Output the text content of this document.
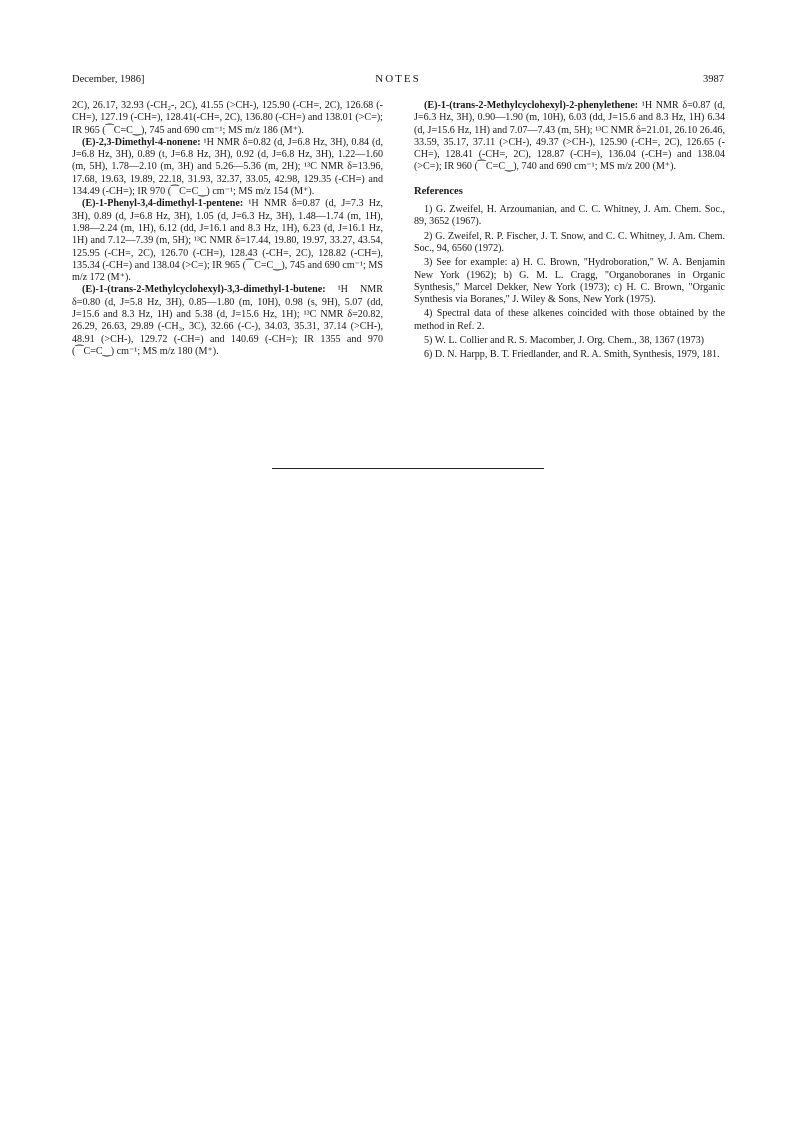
December, 1986]	NOTES	3987

2C), 26.17, 32.93 (-CH₂-, 2C), 41.55 (>CH-), 125.90 (-CH=, 2C), 126.68 (-CH=), 127.19 (-CH=), 128.41(-CH=, 2C), 136.80 (-CH=) and 138.01 (>C=); IR 965 (⁀C=C‿), 745 and 690 cm⁻¹; MS m/z 186 (M⁺).

(E)-2,3-Dimethyl-4-nonene: ¹H NMR δ=0.82 (d, J=6.8 Hz, 3H), 0.84 (d, J=6.8 Hz, 3H), 0.89 (t, J=6.8 Hz, 3H), 0.92 (d, J=6.8 Hz, 3H), 1.22—1.60 (m, 5H), 1.78—2.10 (m, 3H) and 5.26—5.36 (m, 2H); ¹³C NMR δ=13.96, 17.68, 19.63, 19.89, 22.18, 31.93, 32.37, 33.05, 42.98, 129.35 (-CH=) and 134.49 (-CH=); IR 970 (⁀C=C‿) cm⁻¹; MS m/z 154 (M⁺).

(E)-1-Phenyl-3,4-dimethyl-1-pentene: ¹H NMR δ=0.87 (d, J=7.3 Hz, 3H), 0.89 (d, J=6.8 Hz, 3H), 1.05 (d, J=6.3 Hz, 3H), 1.48—1.74 (m, 1H), 1.98—2.24 (m, 1H), 6.12 (dd, J=16.1 and 8.3 Hz, 1H), 6.23 (d, J=16.1 Hz, 1H) and 7.12—7.39 (m, 5H); ¹³C NMR δ=17.44, 19.80, 19.97, 33.27, 43.54, 125.95 (-CH=, 2C), 126.70 (-CH=), 128.43 (-CH=, 2C), 128.82 (-CH=), 135.34 (-CH=) and 138.04 (>C=); IR 965 (⁀C=C‿), 745 and 690 cm⁻¹; MS m/z 172 (M⁺).

(E)-1-(trans-2-Methylcyclohexyl)-3,3-dimethyl-1-butene: ¹H NMR δ=0.80 (d, J=5.8 Hz, 3H), 0.85—1.80 (m, 10H), 0.98 (s, 9H), 5.07 (dd, J=15.6 and 8.3 Hz, 1H) and 5.38 (d, J=15.6 Hz, 1H); ¹³C NMR δ=20.82, 26.29, 26.63, 29.89 (-CH₃, 3C), 32.66 (-C-), 34.03, 35.31, 37.14 (>CH-), 48.91 (>CH-), 129.72 (-CH=) and 140.69 (-CH=); IR 1355 and 970 (⁀C=C‿) cm⁻¹; MS m/z 180 (M⁺).

(E)-1-(trans-2-Methylcyclohexyl)-2-phenylethene: ¹H NMR δ=0.87 (d, J=6.3 Hz, 3H), 0.90—1.90 (m, 10H), 6.03 (dd, J=15.6 and 8.3 Hz, 1H) 6.34 (d, J=15.6 Hz, 1H) and 7.07—7.43 (m, 5H); ¹³C NMR δ=21.01, 26.10 26.46, 33.59, 35.17, 37.11 (>CH-), 49.37 (>CH-), 125.90 (-CH=, 2C), 126.65 (-CH=), 128.41 (-CH=, 2C), 128.87 (-CH=), 136.04 (-CH=) and 138.04 (>C=); IR 960 (⁀C=C‿), 740 and 690 cm⁻¹; MS m/z 200 (M⁺).

References

1) G. Zweifel, H. Arzoumanian, and C. C. Whitney, J. Am. Chem. Soc., 89, 3652 (1967).

2) G. Zweifel, R. P. Fischer, J. T. Snow, and C. C. Whitney, J. Am. Chem. Soc., 94, 6560 (1972).

3) See for example: a) H. C. Brown, "Hydroboration," W. A. Benjamin New York (1962); b) G. M. L. Cragg, "Organoboranes in Organic Synthesis," Marcel Dekker, New York (1973); c) H. C. Brown, "Organic Synthesis via Boranes," J. Wiley & Sons, New York (1975).

4) Spectral data of these alkenes coincided with those obtained by the method in Ref. 2.

5) W. L. Collier and R. S. Macomber, J. Org. Chem., 38, 1367 (1973)

6) D. N. Harpp, B. T. Friedlander, and R. A. Smith, Synthesis, 1979, 181.
